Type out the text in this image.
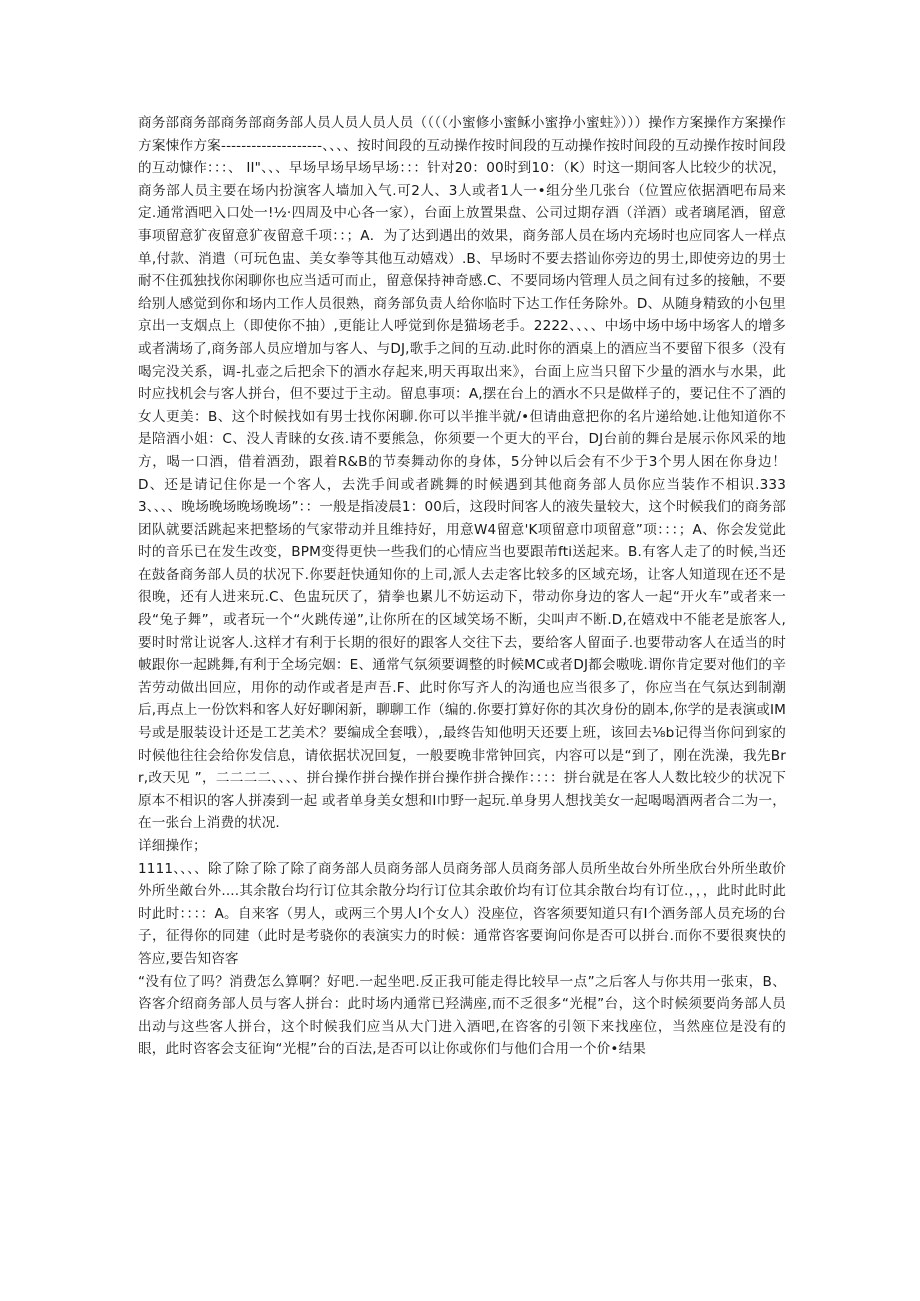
商务部商务部商务部商务部人员人员人员人员（（（（小蜜修小蜜稣小蜜挣小蜜蛀》）））操作方案操作方案操作方案悚作方案--------------------、、、、按时间段的互动操作按时间段的互动操作按时间段的互动操作按时间段的互动慷作：：：、 II"、、、早场早场早场早场：：：针对20：00时到10：（K）时这一期间客人比较少的状况，商务部人员主要在场内扮演客人墙加入气.可2人、3人或者1人一•组分坐几张台（位置应依据酒吧布局来定.通常酒吧入口处一!½·四周及中心各一家），台面上放置果盘、公司过期存酒（洋酒）或者璃尾酒，留意事项留意犷夜留意犷夜留意千项：：；A．为了达到遇出的效果，商务部人员在场内充场时也应同客人一样点单,付款、消遣（可玩色盅、美女拳等其他互动嬉戏）.B、早场时不要去搭讪你旁边的男士,即使旁边的男士耐不住孤独找你闲聊你也应当适可而止，留意保持神奇感.C、不要同场内管理人员之间有过多的接触，不要给别人感觉到你和场内工作人员很熟，商务部负责人给你临时下达工作任务除外。D、从随身精致的小包里京出一支烟点上（即使你不抽）,更能让人呼觉到你是猫场老手。2222、、、、中场中场中场中场客人的增多或者满场了,商务部人员应增加与客人、与DJ,歌手之间的互动.此时你的酒桌上的酒应当不要留下很多（没有喝完没关系，调-扎壶之后把余下的酒水存起来,明天再取出来》，台面上应当只留下少量的酒水与水果，此时应找机会与客人拼台，但不要过于主动。留息事项：A,摆在台上的酒水不只是做样子的，要记住不了酒的女人更美：B、这个时候找如有男士找你闲聊.你可以半推半就/•但请曲意把你的名片递给她.让他知道你不是陪酒小姐：C、没人青睐的女孩.请不要熊急，你须要一个更大的平台，DJ台前的舞台是展示你风采的地方，喝一口酒，借着酒劲，跟着R&B的节奏舞动你的身体，5分钟以后会有不少于3个男人困在你身边！D、还是请记住你是一个客人，去洗手间或者跳舞的时候遇到其他商务部人员你应当装作不相识.3333、、、、晚场晚场晚场晚场”：：一般是指凌晨1：00后，这段时间客人的液失量较大，这个时候我们的商务部团队就要活跳起来把整场的气家带动并且维持好，用意W4留意'K项留意巾项留意”项：：：；A、你会发觉此时的音乐已在发生改变，BPM变得更快一些我们的心情应当也要跟芾fti送起来。B.有客人走了的时候,当还在鼓备商务部人员的状况下.你要赶快通知你的上司,派人去走客比较多的区域充场，让客人知道现在还不是很晚，还有人进来玩.C、色盅玩厌了，猜拳也累儿不妨运动下，带动你身边的客人一起“开火车”或者来一段“兔子舞”，或者玩一个“火跳传递”,让你所在的区域笑场不断，尖叫声不断.D,在嬉戏中不能老是旅客人,要时时常让说客人.这样才有利于长期的很好的跟客人交往下去，要给客人留面子.也要带动客人在适当的时帔跟你一起跳舞,有利于全场完姻：E、通常气氛须要调整的时候MC或者DJ都会嗷咙.谓你肯定要对他们的辛苦劳动做出回应，用你的动作或者是声吾.F、此时你写齐人的沟通也应当很多了，你应当在气氛达到制潮后,再点上一份饮料和客人好好聊闲新，聊聊工作（编的.你要打算好你的其次身份的剧本,你学的是表演或IM号或是服装设计还是工艺美术？要编成全套哦），,最终告知他明天还要上班，该回去⅛b记得当你问到家的时候他往往会给你发信息，请依据状况回复，一般要晚非常钟回宾，内容可以是“到了，刚在洗澡，我先Brr,改天见 ”，二二二二、、、、拼台操作拼台操作拼台操作拼合操作：：：：拼台就是在客人人数比较少的状况下原本不相识的客人拼凑到一起 或者单身美女想和I巾野一起玩.单身男人想找美女一起喝喝酒两者合二为一，在一张台上消费的状况.

详细操作；

1111、、、、除了除了除了除了商务部人员商务部人员商务部人员商务部人员所坐故台外所坐欣台外所坐敢价外所坐敵台外....其余散台均行订位其余散分均行订位其余敢价均有订位其余散台均有订位.，，，此时此时此时此时：：：：A。自来客（男人，或两三个男人I个女人）没座位，咨客须要知道只有I个酒务部人员充场的台子，征得你的同建（此时是考骁你的表演实力的时候：通常咨客要询问你是否可以拼台.而你不要很爽快的答应,要告知咨客

“没有位了吗？消费怎么算啊？好吧.一起坐吧.反正我可能走得比较早一点”之后客人与你共用一张束，B、咨客介绍商务部人员与客人拼台：此时场内通常已羟满座,而不乏很多“光棍”台，这个时候须要尚务部人员出动与这些客人拼台，这个时候我们应当从大门进入酒吧,在咨客的引领下来找座位，当然座位是没有的眼，此时咨客会支征询“光棍”台的百法,是否可以让你或你们与他们合用一个价•结果
